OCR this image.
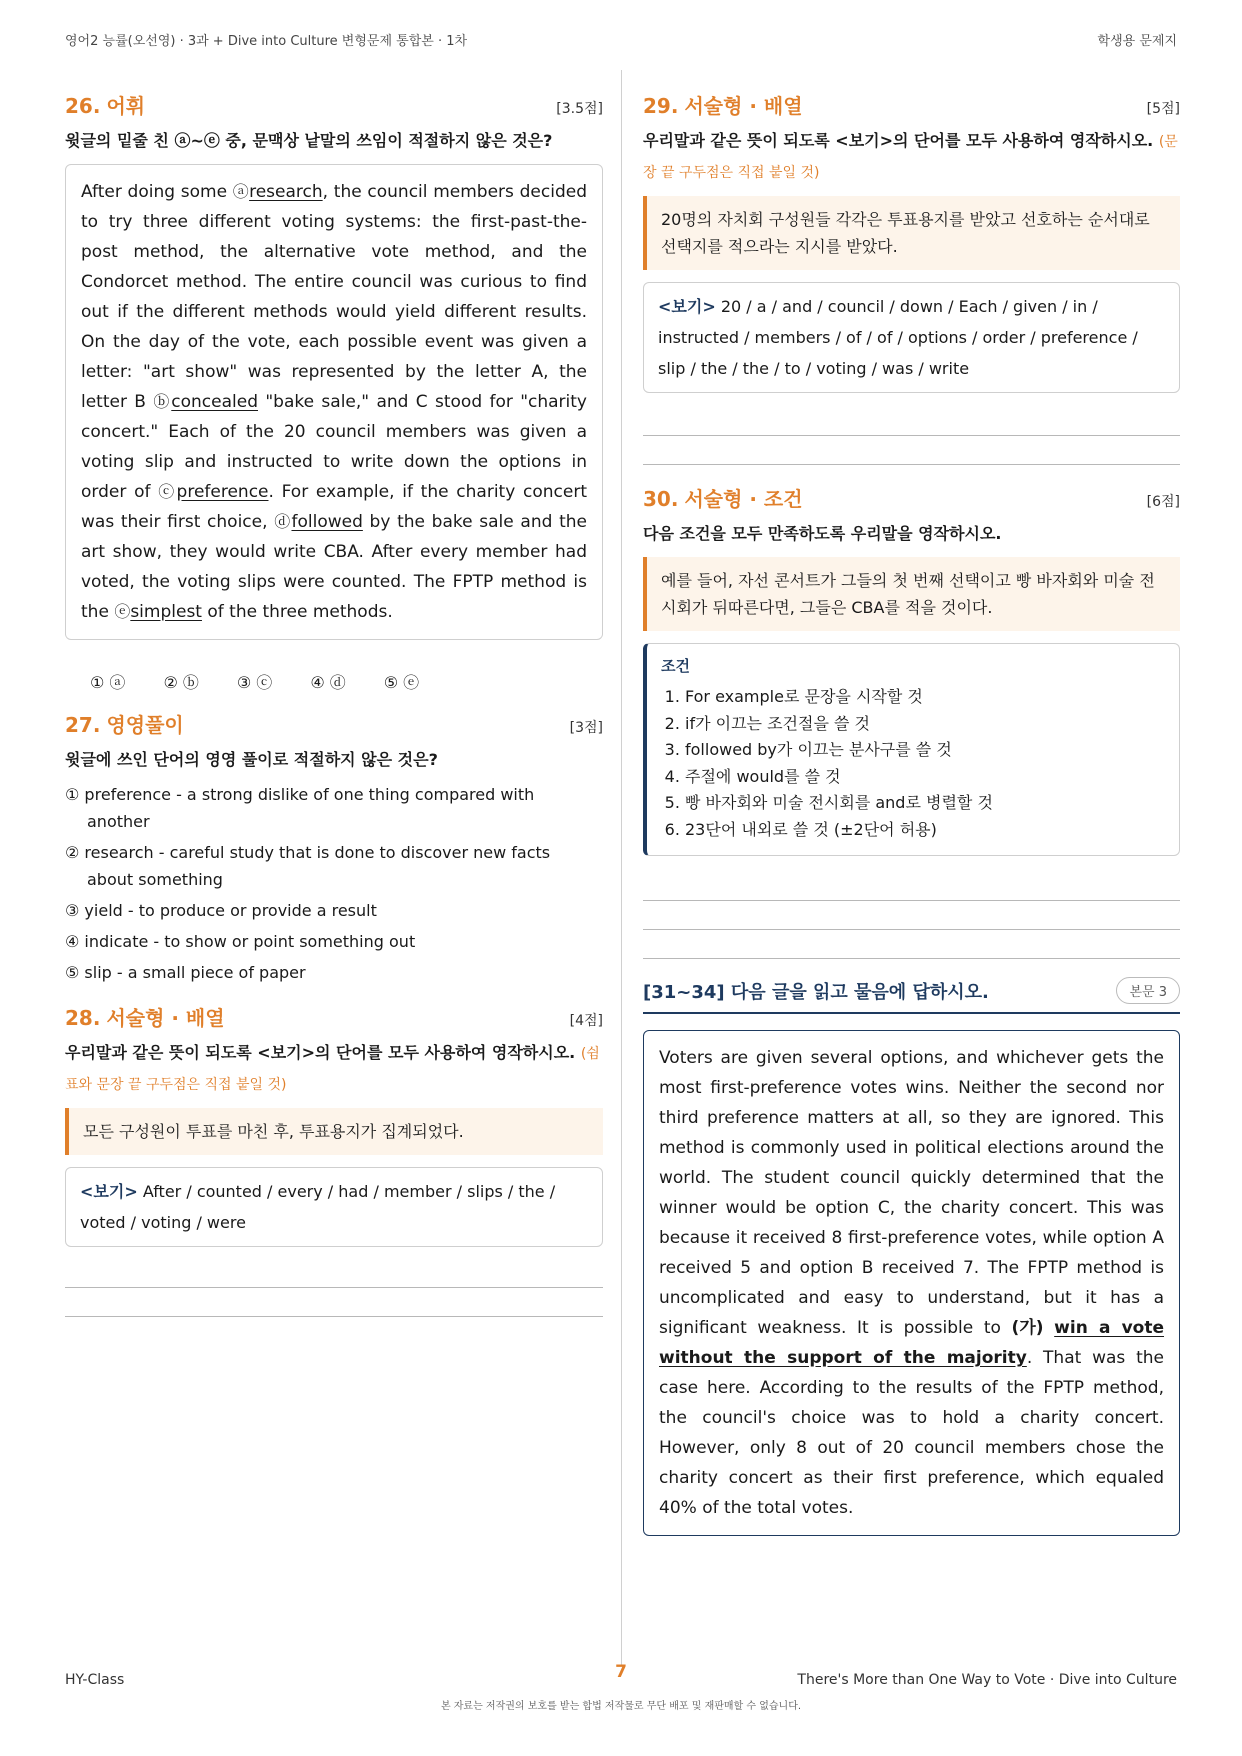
영어2 능률(오선영) · 3과 + Dive into Culture 변형문제 통합본 · 1차	학생용 문제지
26. 어휘	[3.5점]
윗글의 밑줄 친 ⓐ~ⓔ 중, 문맥상 낱말의 쓰임이 적절하지 않은 것은?
After doing some ⓐresearch, the council members decided to try three different voting systems: the first-past-the-post method, the alternative vote method, and the Condorcet method. The entire council was curious to find out if the different methods would yield different results. On the day of the vote, each possible event was given a letter: "art show" was represented by the letter A, the letter B ⓑconcealed "bake sale," and C stood for "charity concert." Each of the 20 council members was given a voting slip and instructed to write down the options in order of ⓒpreference. For example, if the charity concert was their first choice, ⓓfollowed by the bake sale and the art show, they would write CBA. After every member had voted, the voting slips were counted. The FPTP method is the ⓔsimplest of the three methods.
① ⓐ ② ⓑ ③ ⓒ ④ ⓓ ⑤ ⓔ
27. 영영풀이	[3점]
윗글에 쓰인 단어의 영영 풀이로 적절하지 않은 것은?
① preference - a strong dislike of one thing compared with
another
② research - careful study that is done to discover new facts
about something
③ yield - to produce or provide a result
④ indicate - to show or point something out
⑤ slip - a small piece of paper
28. 서술형 · 배열	[4점]
우리말과 같은 뜻이 되도록 <보기>의 단어를 모두 사용하여 영작하시오. (쉼표와 문장 끝 구두점은 직접 붙일 것)
모든 구성원이 투표를 마친 후, 투표용지가 집계되었다.
<보기> After / counted / every / had / member / slips / the / voted / voting / were
29. 서술형 · 배열	[5점]
우리말과 같은 뜻이 되도록 <보기>의 단어를 모두 사용하여 영작하시오. (문장 끝 구두점은 직접 붙일 것)
20명의 자치회 구성원들 각각은 투표용지를 받았고 선호하는 순서대로 선택지를 적으라는 지시를 받았다.
<보기> 20 / a / and / council / down / Each / given / in / instructed / members / of / of / options / order / preference / slip / the / the / to / voting / was / write
30. 서술형 · 조건	[6점]
다음 조건을 모두 만족하도록 우리말을 영작하시오.
예를 들어, 자선 콘서트가 그들의 첫 번째 선택이고 빵 바자회와 미술 전시회가 뒤따른다면, 그들은 CBA를 적을 것이다.
조건
1. For example로 문장을 시작할 것
2. if가 이끄는 조건절을 쓸 것
3. followed by가 이끄는 분사구를 쓸 것
4. 주절에 would를 쓸 것
5. 빵 바자회와 미술 전시회를 and로 병렬할 것
6. 23단어 내외로 쓸 것 (±2단어 허용)
[31~34] 다음 글을 읽고 물음에 답하시오.	본문 3
Voters are given several options, and whichever gets the most first-preference votes wins. Neither the second nor third preference matters at all, so they are ignored. This method is commonly used in political elections around the world. The student council quickly determined that the winner would be option C, the charity concert. This was because it received 8 first-preference votes, while option A received 5 and option B received 7. The FPTP method is uncomplicated and easy to understand, but it has a significant weakness. It is possible to (가) win a vote without the support of the majority. That was the case here. According to the results of the FPTP method, the council's choice was to hold a charity concert. However, only 8 out of 20 council members chose the charity concert as their first preference, which equaled 40% of the total votes.
HY-Class	7	There's More than One Way to Vote · Dive into Culture
본 자료는 저작권의 보호를 받는 합법 저작물로 무단 배포 및 재판매할 수 없습니다.
